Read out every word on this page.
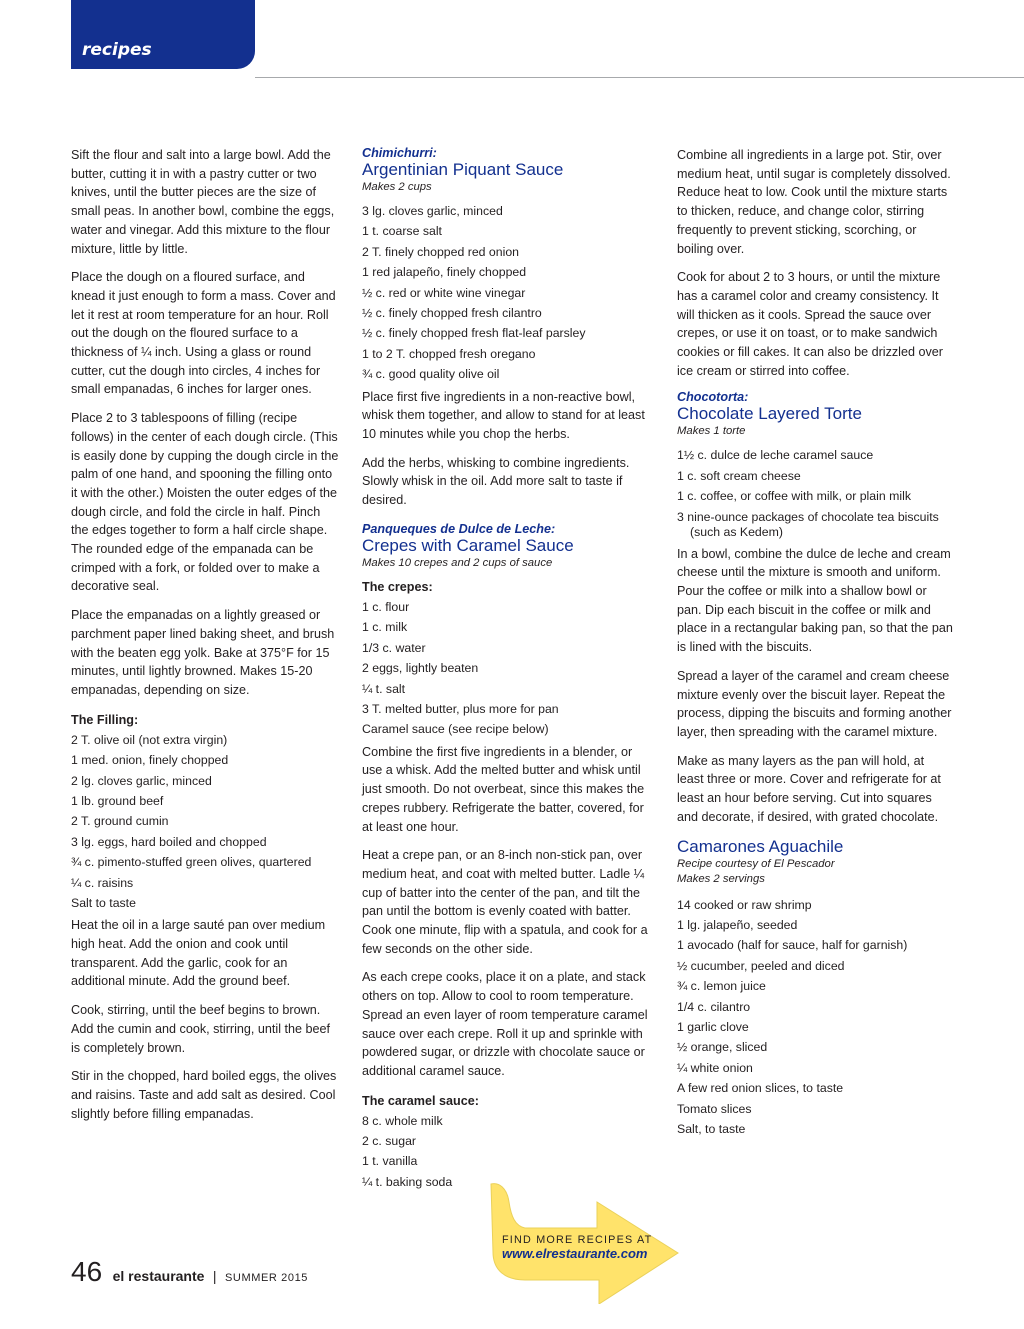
recipes

Sift the flour and salt into a large bowl. Add the butter, cutting it in with a pastry cutter or two knives, until the butter pieces are the size of small peas. In another bowl, combine the eggs, water and vinegar. Add this mixture to the flour mixture, little by little.

Place the dough on a floured surface, and knead it just enough to form a mass. Cover and let it rest at room temperature for an hour. Roll out the dough on the floured surface to a thickness of ¼ inch. Using a glass or round cutter, cut the dough into circles, 4 inches for small empanadas, 6 inches for larger ones.

Place 2 to 3 tablespoons of filling (recipe follows) in the center of each dough circle. (This is easily done by cupping the dough circle in the palm of one hand, and spooning the filling onto it with the other.) Moisten the outer edges of the dough circle, and fold the circle in half. Pinch the edges together to form a half circle shape. The rounded edge of the empanada can be crimped with a fork, or folded over to make a decorative seal.

Place the empanadas on a lightly greased or parchment paper lined baking sheet, and brush with the beaten egg yolk. Bake at 375°F for 15 minutes, until lightly browned. Makes 15-20 empanadas, depending on size.

The Filling:
2 T. olive oil (not extra virgin)
1 med. onion, finely chopped
2 lg. cloves garlic, minced
1 lb. ground beef
2 T. ground cumin
3 lg. eggs, hard boiled and chopped
¾ c. pimento-stuffed green olives, quartered
¼ c. raisins
Salt to taste

Heat the oil in a large sauté pan over medium high heat. Add the onion and cook until transparent. Add the garlic, cook for an additional minute. Add the ground beef.

Cook, stirring, until the beef begins to brown. Add the cumin and cook, stirring, until the beef is completely brown.

Stir in the chopped, hard boiled eggs, the olives and raisins. Taste and add salt as desired. Cool slightly before filling empanadas.

Chimichurri:
Argentinian Piquant Sauce
Makes 2 cups
3 lg. cloves garlic, minced
1 t. coarse salt
2 T. finely chopped red onion
1 red jalapeño, finely chopped
½ c. red or white wine vinegar
½ c. finely chopped fresh cilantro
½ c. finely chopped fresh flat-leaf parsley
1 to 2 T. chopped fresh oregano
¾ c. good quality olive oil

Place first five ingredients in a non-reactive bowl, whisk them together, and allow to stand for at least 10 minutes while you chop the herbs.

Add the herbs, whisking to combine ingredients. Slowly whisk in the oil. Add more salt to taste if desired.

Panqueques de Dulce de Leche:
Crepes with Caramel Sauce
Makes 10 crepes and 2 cups of sauce
The crepes:
1 c. flour
1 c. milk
1/3 c. water
2 eggs, lightly beaten
¼ t. salt
3 T. melted butter, plus more for pan
Caramel sauce (see recipe below)

Combine the first five ingredients in a blender, or use a whisk. Add the melted butter and whisk until just smooth. Do not overbeat, since this makes the crepes rubbery. Refrigerate the batter, covered, for at least one hour.

Heat a crepe pan, or an 8-inch non-stick pan, over medium heat, and coat with melted butter. Ladle ¼ cup of batter into the center of the pan, and tilt the pan until the bottom is evenly coated with batter. Cook one minute, flip with a spatula, and cook for a few seconds on the other side.

As each crepe cooks, place it on a plate, and stack others on top. Allow to cool to room temperature. Spread an even layer of room temperature caramel sauce over each crepe. Roll it up and sprinkle with powdered sugar, or drizzle with chocolate sauce or additional caramel sauce.

The caramel sauce:
8 c. whole milk
2 c. sugar
1 t. vanilla
¼ t. baking soda

Combine all ingredients in a large pot. Stir, over medium heat, until sugar is completely dissolved. Reduce heat to low. Cook until the mixture starts to thicken, reduce, and change color, stirring frequently to prevent sticking, scorching, or boiling over.

Cook for about 2 to 3 hours, or until the mixture has a caramel color and creamy consistency. It will thicken as it cools. Spread the sauce over crepes, or use it on toast, or to make sandwich cookies or fill cakes. It can also be drizzled over ice cream or stirred into coffee.

Chocotorta:
Chocolate Layered Torte
Makes 1 torte
1½ c. dulce de leche caramel sauce
1 c. soft cream cheese
1 c. coffee, or coffee with milk, or plain milk
3 nine-ounce packages of chocolate tea biscuits (such as Kedem)

In a bowl, combine the dulce de leche and cream cheese until the mixture is smooth and uniform. Pour the coffee or milk into a shallow bowl or pan. Dip each biscuit in the coffee or milk and place in a rectangular baking pan, so that the pan is lined with the biscuits.

Spread a layer of the caramel and cream cheese mixture evenly over the biscuit layer. Repeat the process, dipping the biscuits and forming another layer, then spreading with the caramel mixture.

Make as many layers as the pan will hold, at least three or more. Cover and refrigerate for at least an hour before serving. Cut into squares and decorate, if desired, with grated chocolate.

Camarones Aguachile
Recipe courtesy of El Pescador
Makes 2 servings
14 cooked or raw shrimp
1 lg. jalapeño, seeded
1 avocado (half for sauce, half for garnish)
½ cucumber, peeled and diced
¾ c. lemon juice
1/4 c. cilantro
1 garlic clove
½ orange, sliced
¼ white onion
A few red onion slices, to taste
Tomato slices
Salt, to taste
FIND MORE RECIPES AT
www.elrestaurante.com
46 el restaurante | SUMMER 2015
